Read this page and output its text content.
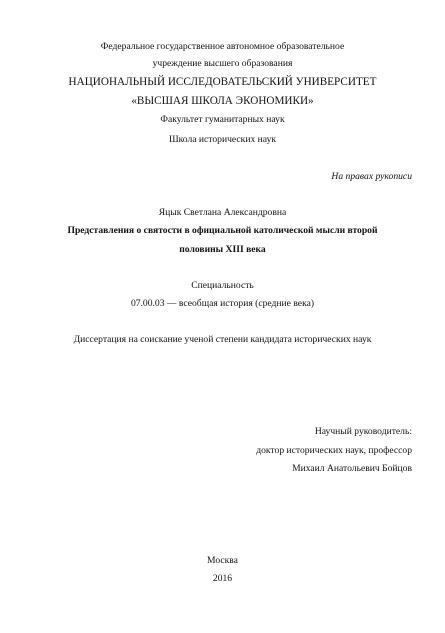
Федеральное государственное автономное образовательное
учреждение высшего образования
НАЦИОНАЛЬНЫЙ ИССЛЕДОВАТЕЛЬСКИЙ УНИВЕРСИТЕТ
«ВЫСШАЯ ШКОЛА ЭКОНОМИКИ»
Факультет гуманитарных наук
Школа исторических наук
На правах рукописи
Яцык Светлана Александровна
Представления о святости в официальной католической мысли второй
половины XIII века
Специальность
07.00.03 — всеобщая история (средние века)
Диссертация на соискание ученой степени кандидата исторических наук
Научный руководитель:
доктор исторических наук, профессор
Михаил Анатольевич Бойцов
Москва
2016
